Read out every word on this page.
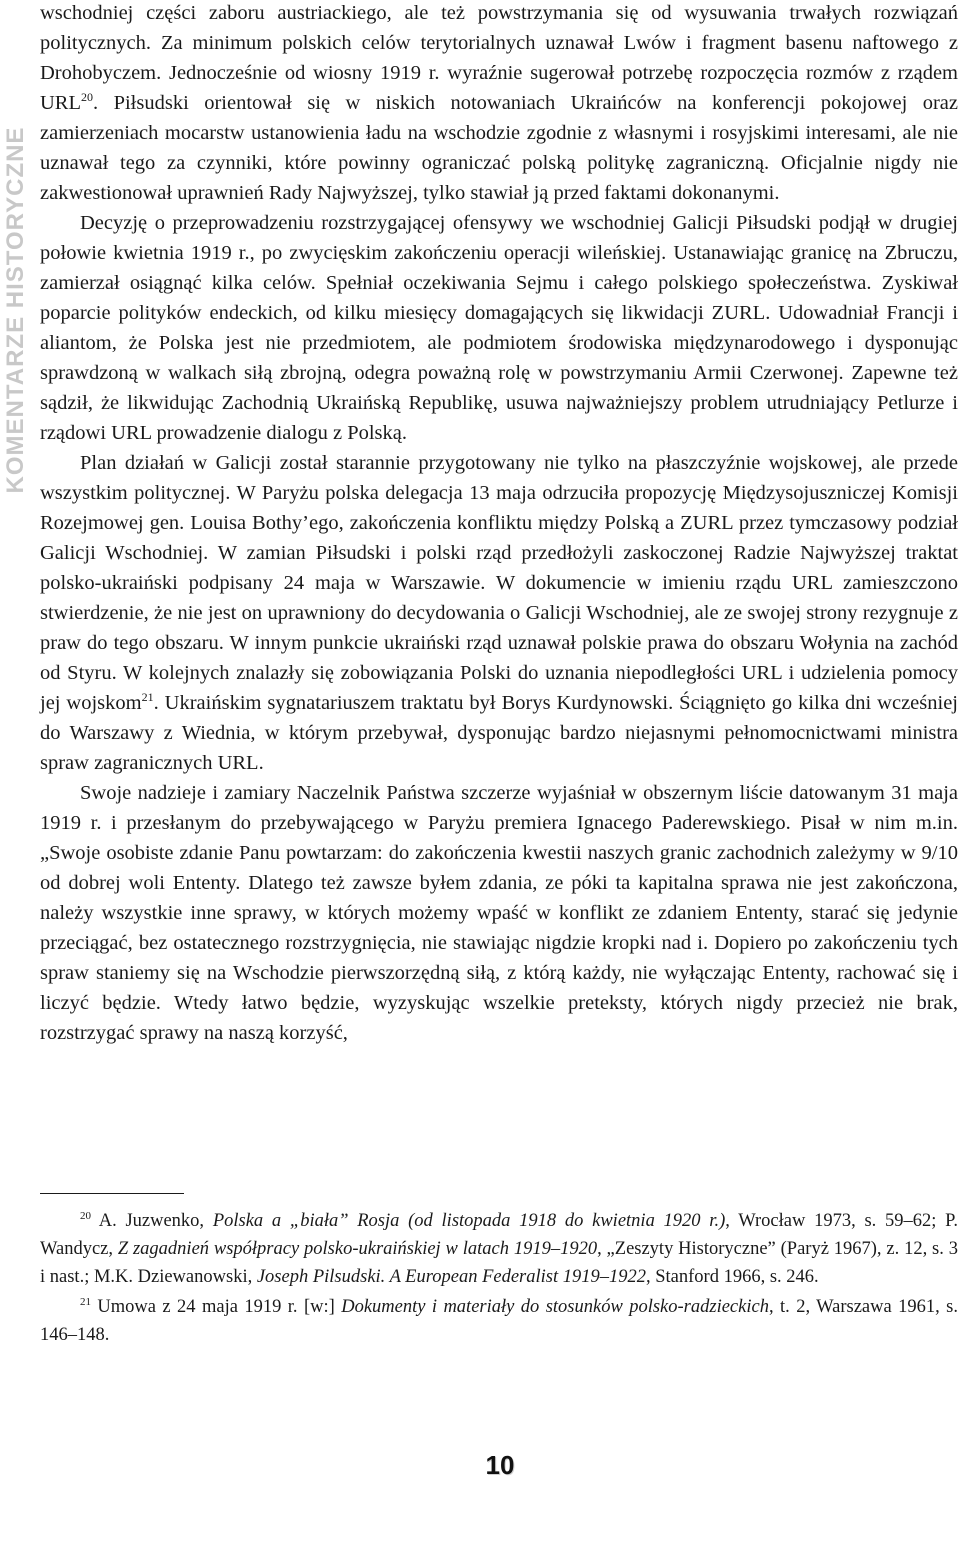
KOMENTARZE HISTORYCZNE

wschodniej części zaboru austriackiego, ale też powstrzymania się od wysuwania trwałych rozwiązań politycznych. Za minimum polskich celów terytorialnych uznawał Lwów i fragment basenu naftowego z Drohobyczem. Jednocześnie od wiosny 1919 r. wyraźnie sugerował potrzebę rozpoczęcia rozmów z rządem URL$^{20}$. Piłsudski orientował się w niskich notowaniach Ukraińców na konferencji pokojowej oraz zamierzeniach mocarstw ustanowienia ładu na wschodzie zgodnie z własnymi i rosyjskimi interesami, ale nie uznawał tego za czynniki, które powinny ograniczać polską politykę zagraniczną. Oficjalnie nigdy nie zakwestionował uprawnień Rady Najwyższej, tylko stawiał ją przed faktami dokonanymi.

Decyzję o przeprowadzeniu rozstrzygającej ofensywy we wschodniej Galicji Piłsudski podjął w drugiej połowie kwietnia 1919 r., po zwycięskim zakończeniu operacji wileńskiej. Ustanawiając granicę na Zbruczu, zamierzał osiągnąć kilka celów. Spełniał oczekiwania Sejmu i całego polskiego społeczeństwa. Zyskiwał poparcie polityków endeckich, od kilku miesięcy domagających się likwidacji ZURL. Udowadniał Francji i aliantom, że Polska jest nie przedmiotem, ale podmiotem środowiska międzynarodowego i dysponując sprawdzoną w walkach siłą zbrojną, odegra poważną rolę w powstrzymaniu Armii Czerwonej. Zapewne też sądził, że likwidując Zachodnią Ukraińską Republikę, usuwa najważniejszy problem utrudniający Petlurze i rządowi URL prowadzenie dialogu z Polską.

Plan działań w Galicji został starannie przygotowany nie tylko na płaszczyźnie wojskowej, ale przede wszystkim politycznej. W Paryżu polska delegacja 13 maja odrzuciła propozycję Międzysojuszniczej Komisji Rozejmowej gen. Louisa Bothy’ego, zakończenia konfliktu między Polską a ZURL przez tymczasowy podział Galicji Wschodniej. W zamian Piłsudski i polski rząd przedłożyli zaskoczonej Radzie Najwyższej traktat polsko-ukraiński podpisany 24 maja w Warszawie. W dokumencie w imieniu rządu URL zamieszczono stwierdzenie, że nie jest on uprawniony do decydowania o Galicji Wschodniej, ale ze swojej strony rezygnuje z praw do tego obszaru. W innym punkcie ukraiński rząd uznawał polskie prawa do obszaru Wołynia na zachód od Styru. W kolejnych znalazły się zobowiązania Polski do uznania niepodległości URL i udzielenia pomocy jej wojskom$^{21}$. Ukraińskim sygnatariuszem traktatu był Borys Kurdynowski. Ściągnięto go kilka dni wcześniej do Warszawy z Wiednia, w którym przebywał, dysponując bardzo niejasnymi pełnomocnictwami ministra spraw zagranicznych URL.

Swoje nadzieje i zamiary Naczelnik Państwa szczerze wyjaśniał w obszernym liście datowanym 31 maja 1919 r. i przesłanym do przebywającego w Paryżu premiera Ignacego Paderewskiego. Pisał w nim m.in. „Swoje osobiste zdanie Panu powtarzam: do zakończenia kwestii naszych granic zachodnich zależymy w 9/10 od dobrej woli Ententy. Dlatego też zawsze byłem zdania, ze póki ta kapitalna sprawa nie jest zakończona, należy wszystkie inne sprawy, w których możemy wpaść w konflikt ze zdaniem Ententy, starać się jedynie przeciągać, bez ostatecznego rozstrzygnięcia, nie stawiając nigdzie kropki nad i. Dopiero po zakończeniu tych spraw staniemy się na Wschodzie pierwszorzędną siłą, z którą każdy, nie wyłączając Ententy, rachować się i liczyć będzie. Wtedy łatwo będzie, wyzyskując wszelkie preteksty, których nigdy przecież nie brak, rozstrzygać sprawy na naszą korzyść,

$^{20}$ A. Juzwenko, Polska a „biała” Rosja (od listopada 1918 do kwietnia 1920 r.), Wrocław 1973, s. 59–62; P. Wandycz, Z zagadnień współpracy polsko-ukraińskiej w latach 1919–1920, „Zeszyty Historyczne” (Paryż 1967), z. 12, s. 3 i nast.; M.K. Dziewanowski, Joseph Pilsudski. A European Federalist 1919–1922, Stanford 1966, s. 246.

$^{21}$ Umowa z 24 maja 1919 r. [w:] Dokumenty i materiały do stosunków polsko-radzieckich, t. 2, Warszawa 1961, s. 146–148.

10
